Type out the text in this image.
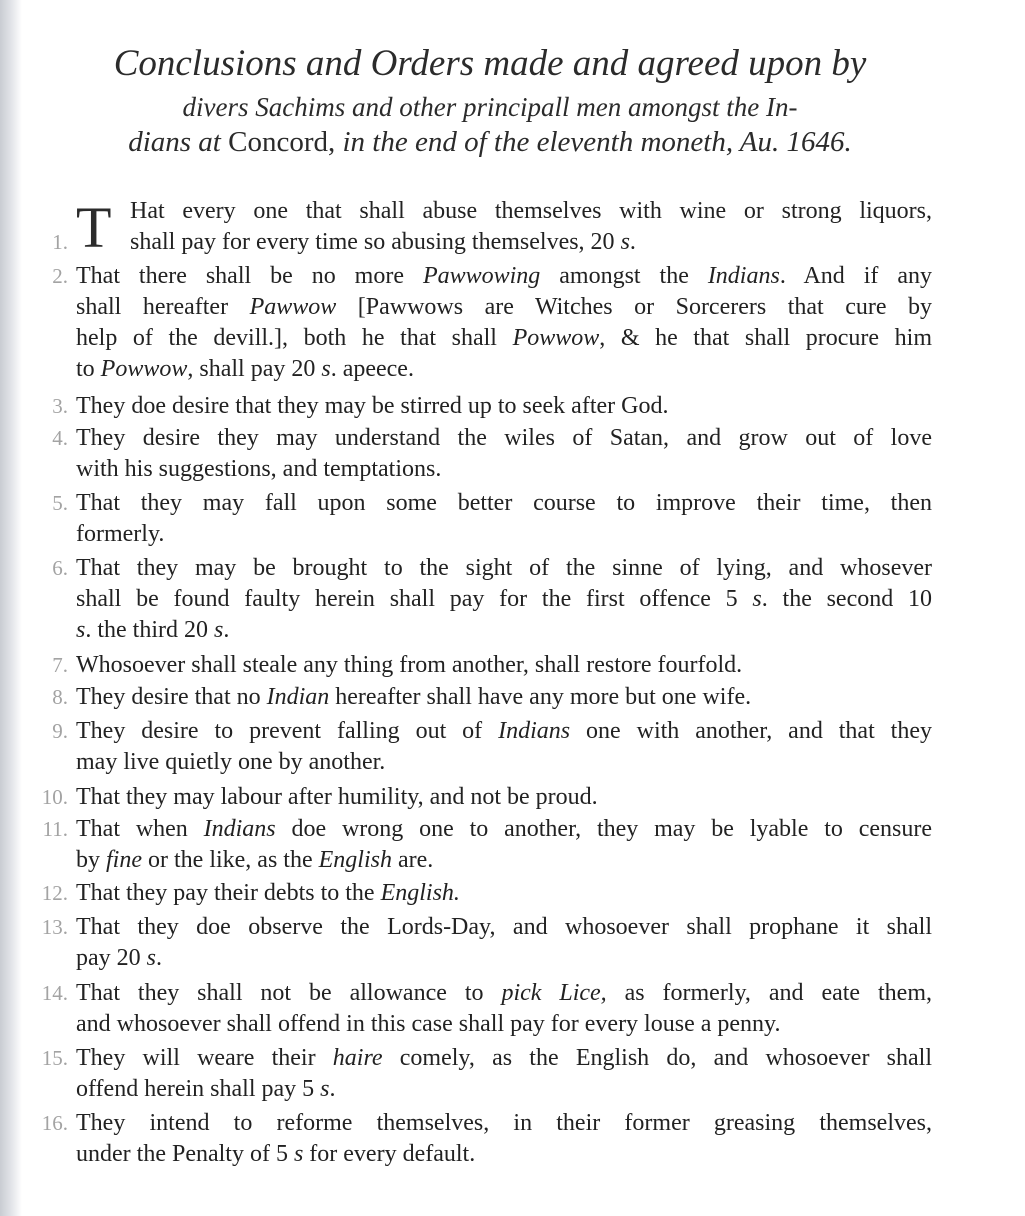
Conclusions and Orders made and agreed upon by
divers Sachims and other principall men amongst the In-
dians at Concord, in the end of the eleventh moneth, Au. 1646.
1. T Hat every one that shall abuse themselves with wine or strong liquors,
shall pay for every time so abusing themselves, 20 s.
2. That there shall be no more Pawwowing amongst the Indians. And if any
shall hereafter Pawwow [Pawwows are Witches or Sorcerers that cure by
help of the devill.], both he that shall Powwow, & he that shall procure him
to Powwow, shall pay 20 s. apeece.
3. They doe desire that they may be stirred up to seek after God.
4. They desire they may understand the wiles of Satan, and grow out of love
with his suggestions, and temptations.
5. That they may fall upon some better course to improve their time, then
formerly.
6. That they may be brought to the sight of the sinne of lying, and whosever
shall be found faulty herein shall pay for the first offence 5 s. the second 10
s. the third 20 s.
7. Whosoever shall steale any thing from another, shall restore fourfold.
8. They desire that no Indian hereafter shall have any more but one wife.
9. They desire to prevent falling out of Indians one with another, and that they
may live quietly one by another.
10. That they may labour after humility, and not be proud.
11. That when Indians doe wrong one to another, they may be lyable to censure
by fine or the like, as the English are.
12. That they pay their debts to the English.
13. That they doe observe the Lords-Day, and whosoever shall prophane it shall
pay 20 s.
14. That they shall not be allowance to pick Lice, as formerly, and eate them,
and whosoever shall offend in this case shall pay for every louse a penny.
15. They will weare their haire comely, as the English do, and whosoever shall
offend herein shall pay 5 s.
16. They intend to reforme themselves, in their former greasing themselves,
under the Penalty of 5 s for every default.
